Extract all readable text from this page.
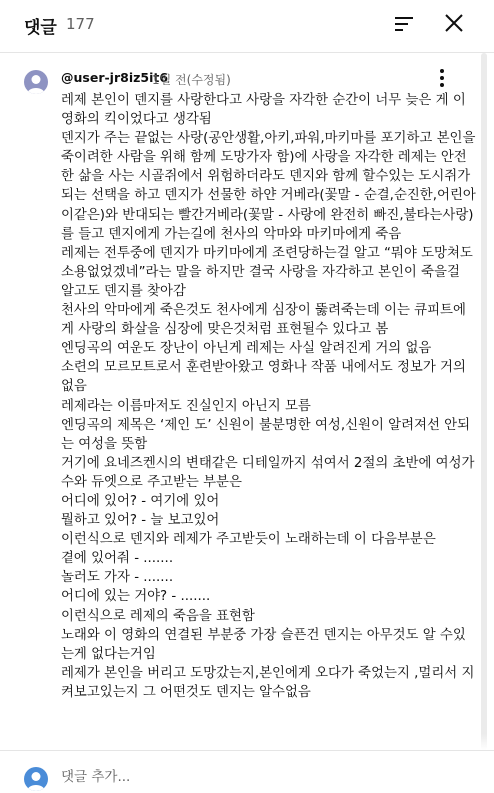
댓글 177
@user-jr8iz5it6
1일 전(수정됨)

레제 본인이 덴지를 사랑한다고 사랑을 자각한 순간이 너무 늦은 게 이 영화의 킥이었다고 생각됨

덴지가 주는 끝없는 사랑(공안생활,아키,파워,마키마를 포기하고 본인을 죽이려한 사람을 위해 함께 도망가자 함)에 사랑을 자각한 레제는 안전한 삶을 사는 시골쥐에서 위험하더라도 덴지와 함께 할수있는 도시쥐가 되는 선택을 하고 덴지가 선물한 하얀 거베라(꽃말 - 순결,순진한,어린아이같은)와 반대되는 빨간거베라(꽃말 - 사랑에 완전히 빠진,불타는사랑)를 들고 덴지에게 가는길에 천사의 악마와 마키마에게 죽음

레제는 전투중에 덴지가 마키마에게 조련당하는걸 알고 “뭐야 도망쳐도 소용없었겠네”라는 말을 하지만 결국 사랑을 자각하고 본인이 죽을걸 알고도 덴지를 찾아감

천사의 악마에게 죽은것도 천사에게 심장이 뚫려죽는데 이는 큐피트에게 사랑의 화살을 심장에 맞은것처럼 표현될수 있다고 봄

엔딩곡의 여운도 장난이 아닌게 레제는 사실 알려진게 거의 없음

소련의 모르모트로서 훈련받아왔고 영화나 작품 내에서도 정보가 거의 없음

레제라는 이름마저도 진실인지 아닌지 모름

엔딩곡의 제목은 ‘제인 도’ 신원이 불분명한 여성,신원이 알려져선 안되는 여성을 뜻함

거기에 요네즈켄시의 변태같은 디테일까지 섞여서 2절의 초반에 여성가수와 듀엣으로 주고받는 부분은

어디에 있어? - 여기에 있어

뭘하고 있어? - 늘 보고있어

이런식으로 덴지와 레제가 주고받듯이 노래하는데 이 다음부분은

곁에 있어줘 - .......

놀러도 가자 - .......

어디에 있는 거야? - .......

이런식으로 레제의 죽음을 표현함

노래와 이 영화의 연결된 부분중 가장 슬픈건 덴지는 아무것도 알 수있는게 없다는거임

레제가 본인을 버리고 도망갔는지,본인에게 오다가 죽었는지 ,멀리서 지켜보고있는지 그 어떤것도 덴지는 알수없음

댓글 추가...
